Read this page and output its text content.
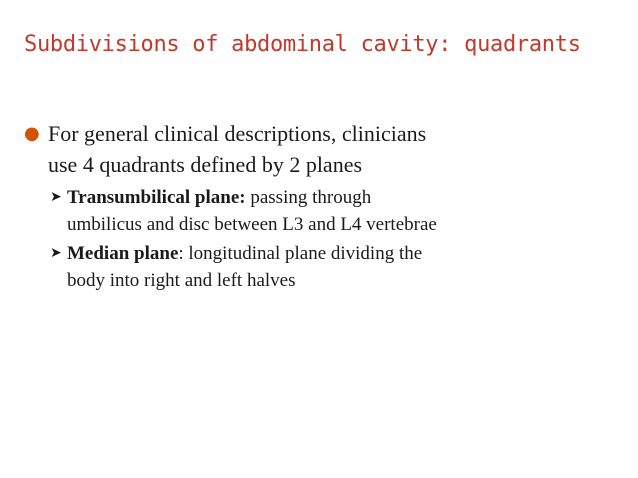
Subdivisions of abdominal cavity: quadrants
● For general clinical descriptions, clinicians
use 4 quadrants defined by 2 planes
➤ Transumbilical plane: passing through
umbilicus and disc between L3 and L4 vertebrae
➤ Median plane: longitudinal plane dividing the
body into right and left halves
